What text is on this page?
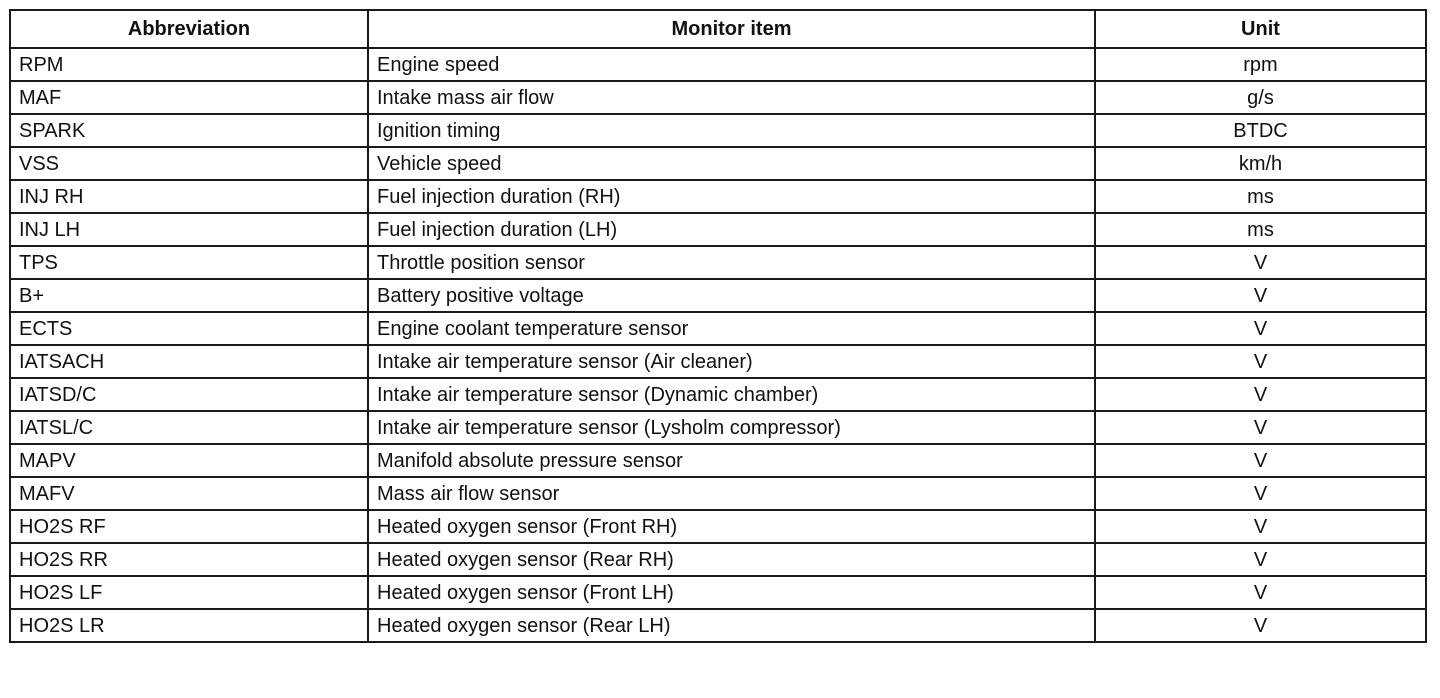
Abbreviation	Monitor item	Unit
RPM	Engine speed	rpm
MAF	Intake mass air flow	g/s
SPARK	Ignition timing	BTDC
VSS	Vehicle speed	km/h
INJ RH	Fuel injection duration (RH)	ms
INJ LH	Fuel injection duration (LH)	ms
TPS	Throttle position sensor	V
B+	Battery positive voltage	V
ECTS	Engine coolant temperature sensor	V
IATSACH	Intake air temperature sensor (Air cleaner)	V
IATSD/C	Intake air temperature sensor (Dynamic chamber)	V
IATSL/C	Intake air temperature sensor (Lysholm compressor)	V
MAPV	Manifold absolute pressure sensor	V
MAFV	Mass air flow sensor	V
HO2S RF	Heated oxygen sensor (Front RH)	V
HO2S RR	Heated oxygen sensor (Rear RH)	V
HO2S LF	Heated oxygen sensor (Front LH)	V
HO2S LR	Heated oxygen sensor (Rear LH)	V
